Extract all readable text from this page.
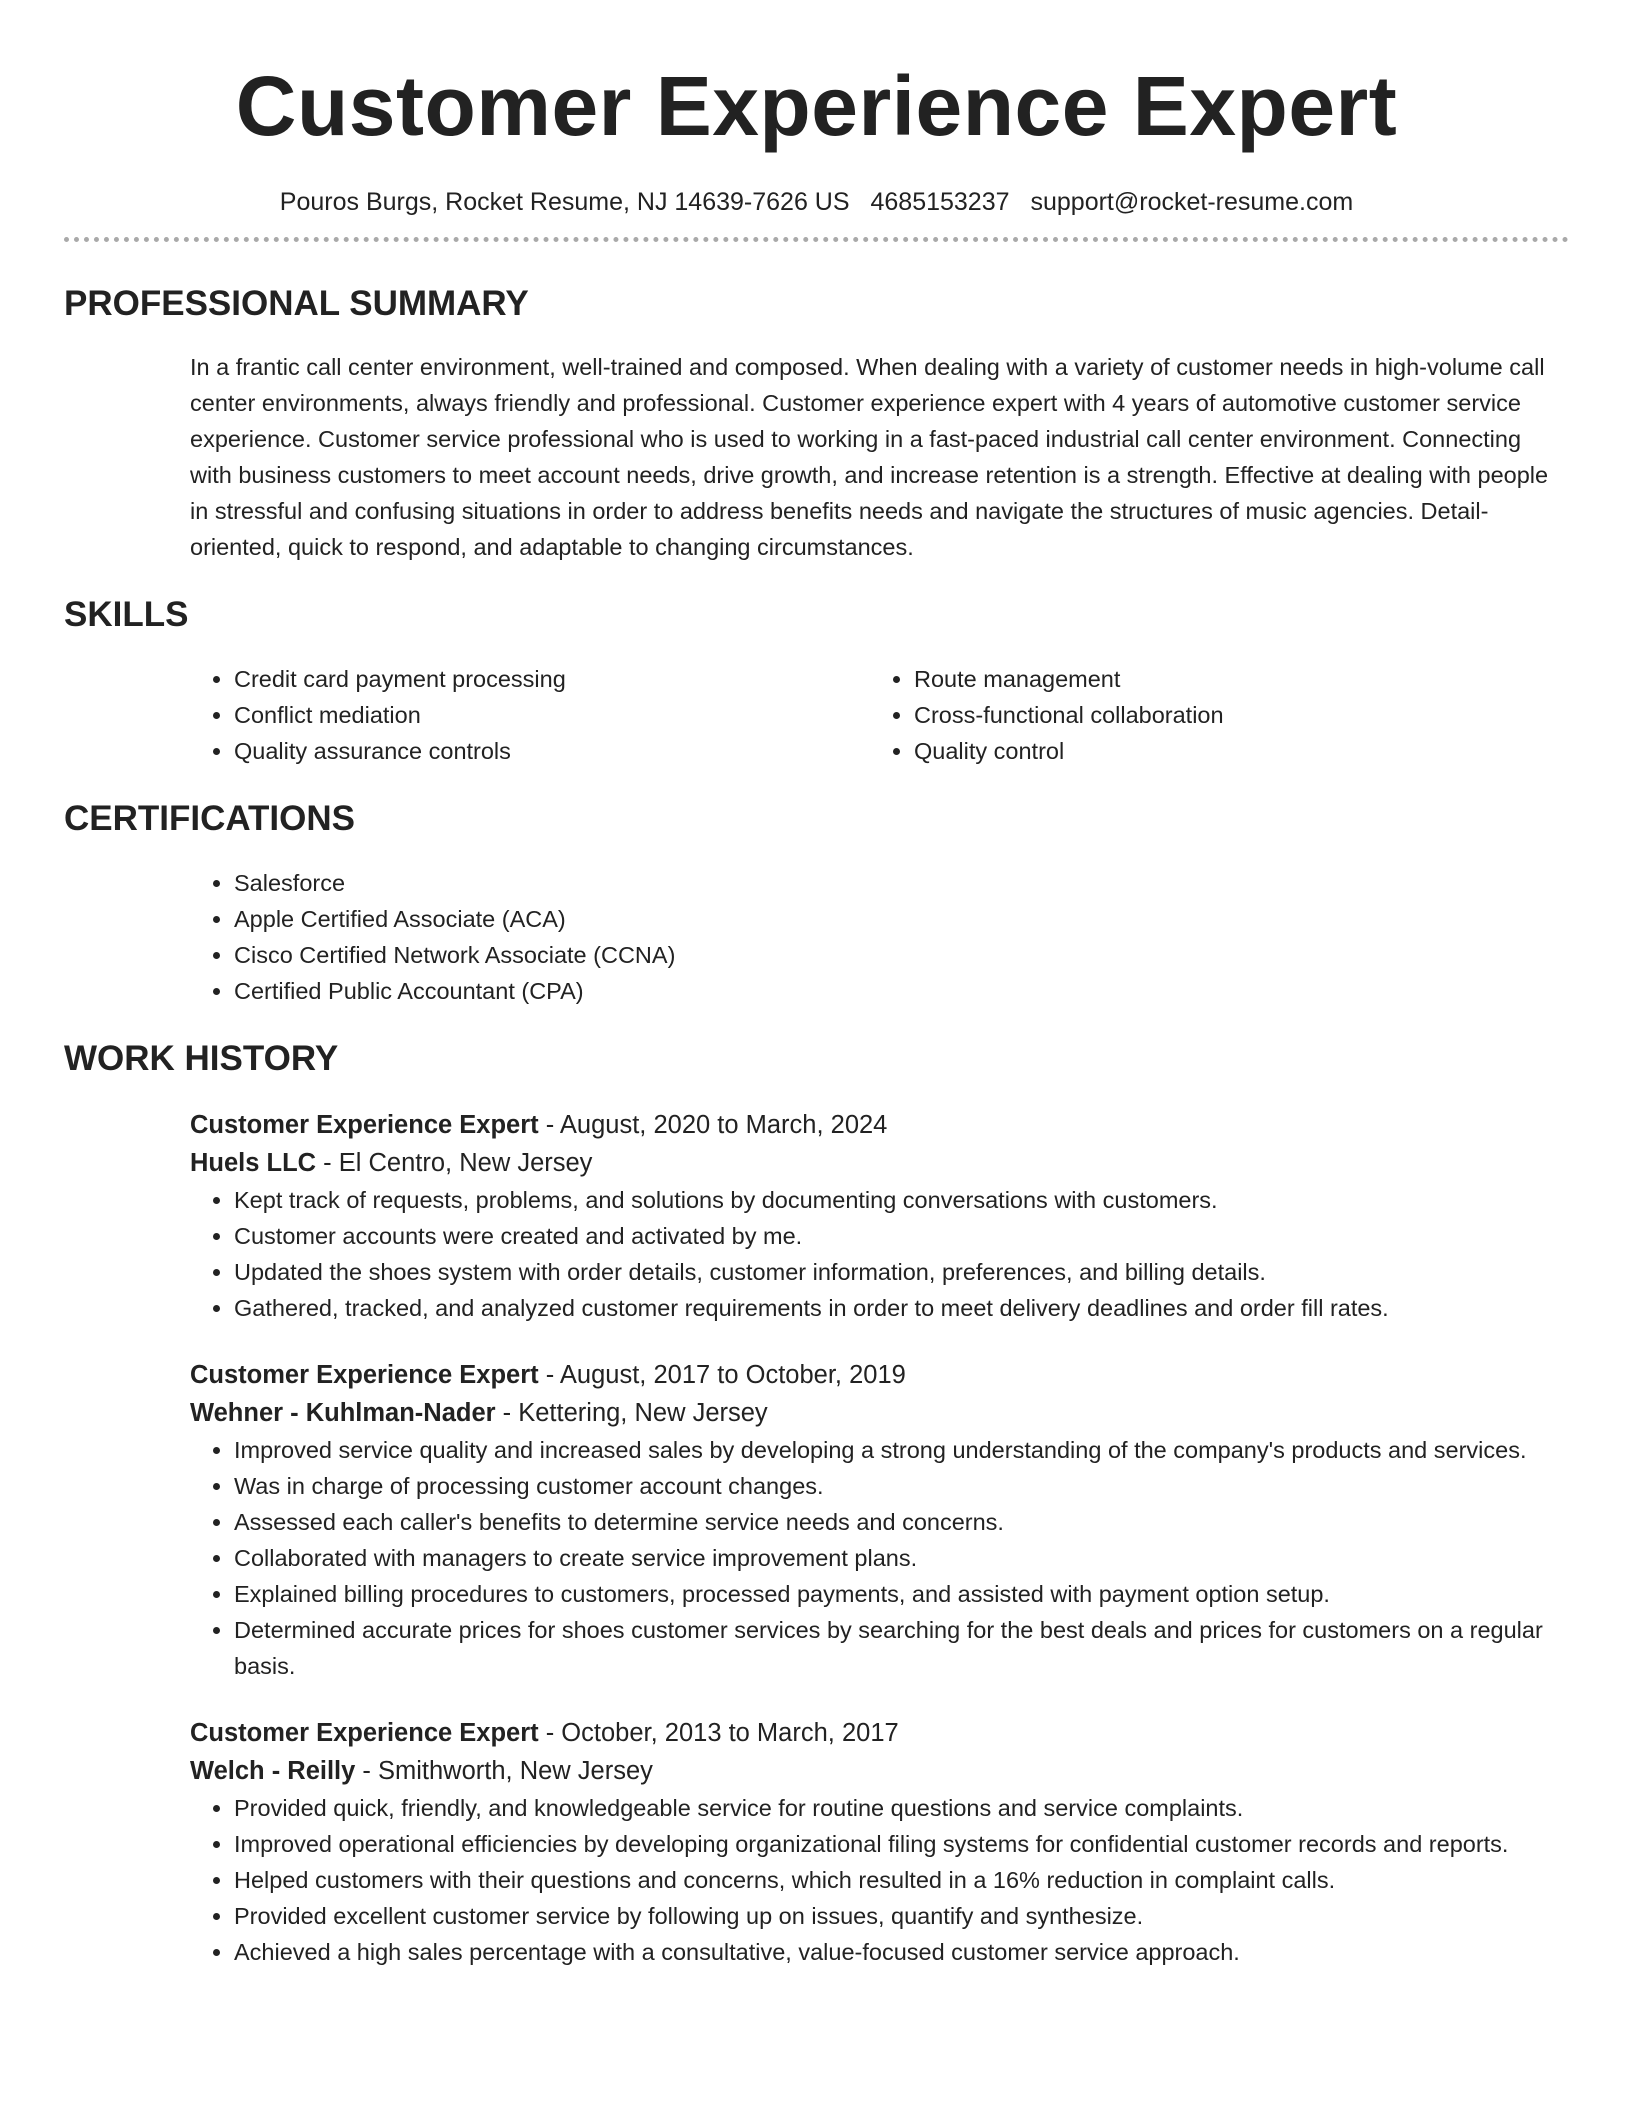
Customer Experience Expert
Pouros Burgs, Rocket Resume, NJ 14639-7626 US 4685153237 support@rocket-resume.com
PROFESSIONAL SUMMARY
In a frantic call center environment, well-trained and composed. When dealing with a variety of customer needs in high-volume call center environments, always friendly and professional. Customer experience expert with 4 years of automotive customer service experience. Customer service professional who is used to working in a fast-paced industrial call center environment. Connecting with business customers to meet account needs, drive growth, and increase retention is a strength. Effective at dealing with people in stressful and confusing situations in order to address benefits needs and navigate the structures of music agencies. Detail-oriented, quick to respond, and adaptable to changing circumstances.
SKILLS
• Credit card payment processing
• Conflict mediation
• Quality assurance controls
• Route management
• Cross-functional collaboration
• Quality control
CERTIFICATIONS
• Salesforce
• Apple Certified Associate (ACA)
• Cisco Certified Network Associate (CCNA)
• Certified Public Accountant (CPA)
WORK HISTORY
Customer Experience Expert - August, 2020 to March, 2024
Huels LLC - El Centro, New Jersey
• Kept track of requests, problems, and solutions by documenting conversations with customers.
• Customer accounts were created and activated by me.
• Updated the shoes system with order details, customer information, preferences, and billing details.
• Gathered, tracked, and analyzed customer requirements in order to meet delivery deadlines and order fill rates.
Customer Experience Expert - August, 2017 to October, 2019
Wehner - Kuhlman-Nader - Kettering, New Jersey
• Improved service quality and increased sales by developing a strong understanding of the company's products and services.
• Was in charge of processing customer account changes.
• Assessed each caller's benefits to determine service needs and concerns.
• Collaborated with managers to create service improvement plans.
• Explained billing procedures to customers, processed payments, and assisted with payment option setup.
• Determined accurate prices for shoes customer services by searching for the best deals and prices for customers on a regular basis.
Customer Experience Expert - October, 2013 to March, 2017
Welch - Reilly - Smithworth, New Jersey
• Provided quick, friendly, and knowledgeable service for routine questions and service complaints.
• Improved operational efficiencies by developing organizational filing systems for confidential customer records and reports.
• Helped customers with their questions and concerns, which resulted in a 16% reduction in complaint calls.
• Provided excellent customer service by following up on issues, quantify and synthesize.
• Achieved a high sales percentage with a consultative, value-focused customer service approach.
